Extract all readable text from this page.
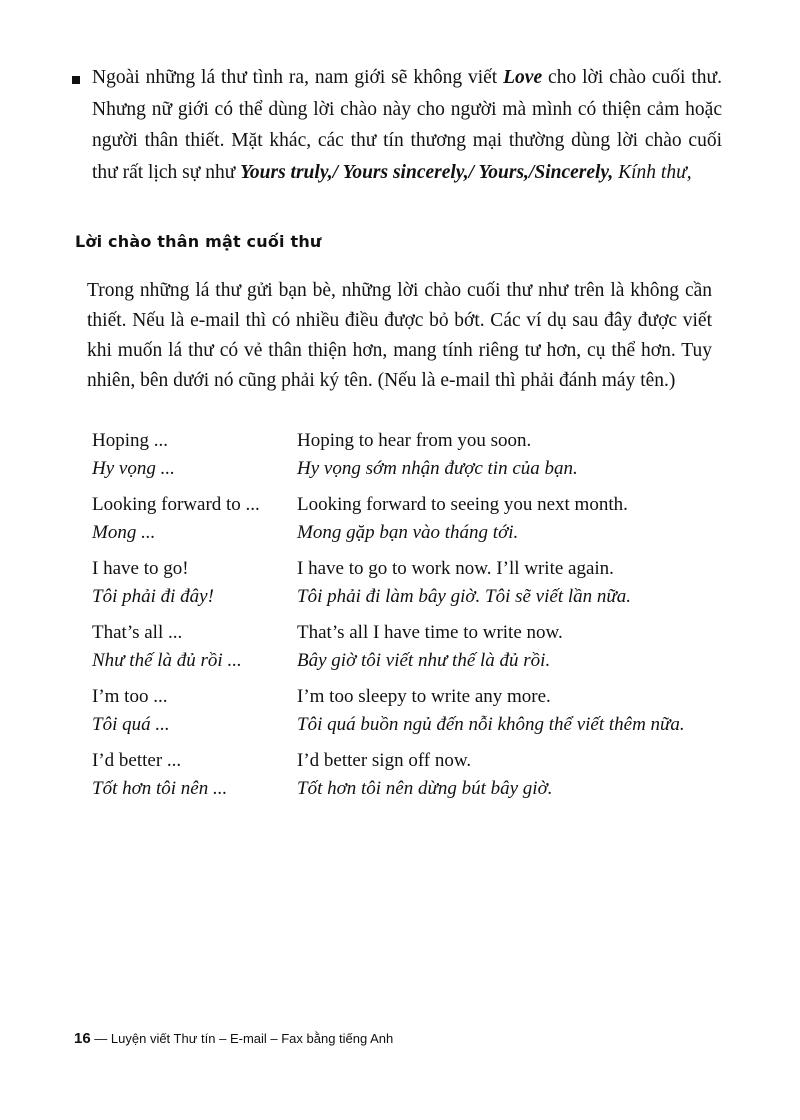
Ngoài những lá thư tình ra, nam giới sẽ không viết Love cho lời chào cuối thư. Nhưng nữ giới có thể dùng lời chào này cho người mà mình có thiện cảm hoặc người thân thiết. Mặt khác, các thư tín thương mại thường dùng lời chào cuối thư rất lịch sự như Yours truly,/ Yours sincerely,/ Yours,/Sincerely, Kính thư,

Lời chào thân mật cuối thư

Trong những lá thư gửi bạn bè, những lời chào cuối thư như trên là không cần thiết. Nếu là e-mail thì có nhiều điều được bỏ bớt. Các ví dụ sau đây được viết khi muốn lá thư có vẻ thân thiện hơn, mang tính riêng tư hơn, cụ thể hơn. Tuy nhiên, bên dưới nó cũng phải ký tên. (Nếu là e-mail thì phải đánh máy tên.)

Hoping ...
Hy vọng ...
Hoping to hear from you soon.
Hy vọng sớm nhận được tin của bạn.
Looking forward to ...
Mong ...
Looking forward to seeing you next month.
Mong gặp bạn vào tháng tới.
I have to go!
Tôi phải đi đây!
I have to go to work now. I’ll write again.
Tôi phải đi làm bây giờ. Tôi sẽ viết lần nữa.
That’s all ...
Như thế là đủ rồi ...
That’s all I have time to write now.
Bây giờ tôi viết như thế là đủ rồi.
I’m too ...
Tôi quá ...
I’m too sleepy to write any more.
Tôi quá buồn ngủ đến nỗi không thể viết thêm nữa.
I’d better ...
Tốt hơn tôi nên ...
I’d better sign off now.
Tốt hơn tôi nên dừng bút bây giờ.
16 — Luyện viết Thư tín – E-mail – Fax bằng tiếng Anh
